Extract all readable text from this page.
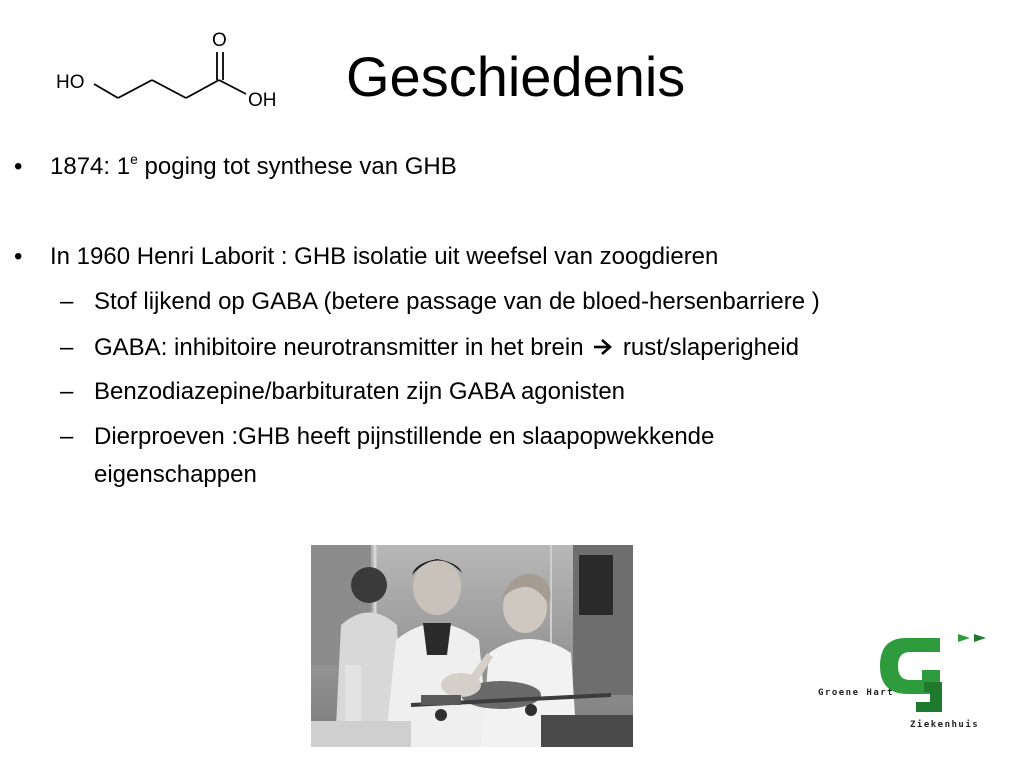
HO
O
OH Geschiedenis
• 1874: 1e poging tot synthese van GHB
• In 1960 Henri Laborit : GHB isolatie uit weefsel van zoogdieren
– Stof lijkend op GABA (betere passage van de bloed-hersenbarriere )
– GABA: inhibitoire neurotransmitter in het brein rust/slaperigheid
– Benzodiazepine/barbituraten zijn GABA agonisten
– Dierproeven :GHB heeft pijnstillende en slaapopwekkende
eigenschappen
Groene Hart
Ziekenhuis
